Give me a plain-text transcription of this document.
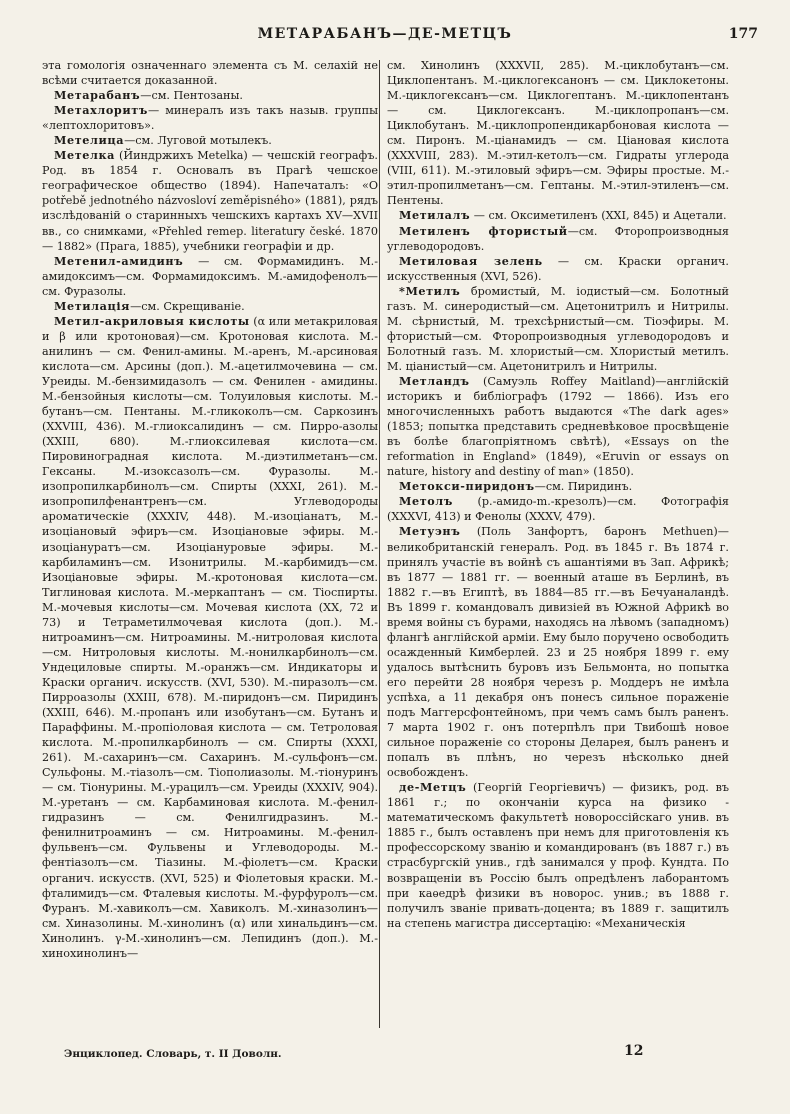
МЕТАРАБАНЪ—ДЕ-МЕТЦЪ	177

эта гомологія означеннаго элемента съ М. селахій не всѣми считается доказанной.

Метарабанъ—см. Пентозаны.

Метахлоритъ— минералъ изъ такъ назыв. группы «лептохлоритовъ».

Метелица—см. Луговой мотылекъ.

Метелка (Йиндржихъ Metelka) — чешскій географъ. Род. въ 1854 г. Основалъ въ Прагѣ чешское географическое общество (1894). Напечаталъ: «O potřebě jednotného názvosloví zeměpisného» (1881), рядъ изслѣдованій о старинныхъ чешскихъ картахъ XV—XVII вв., со снимками, «Přehled remep. literatury české. 1870 — 1882» (Прага, 1885), учебники географіи и др.

Метенил-амидинъ — см. Формамидинъ. М.-амидоксимъ—см. Формамидоксимъ. М.-амидофенолъ—см. Фуразолы.

Метилація—см. Скрещиваніе.

Метил-акриловыя кислоты (α или метакриловая и β или кротоновая)—см. Кротоновая кислота. М.-анилинъ — см. Фенил-амины. М.-аренъ, М.-арсиновая кислота—см. Арсины (доп.). М.-ацетилмочевина — см. Уреиды. М.-бензимидазолъ — см. Фенилен - амидины. М.-бензойныя кислоты—см. Толуиловыя кислоты. М.-бутанъ—см. Пентаны. М.-гликоколъ—см. Саркозинъ (XXVIII, 436). М.-глиоксалидинъ — см. Пирро-азолы (XXIII, 680). М.-глиоксилевая кислота—см. Пировиноградная кислота. М.-диэтилметанъ—см. Гексаны. М.-изоксазолъ—см. Фуразолы. М.-изопропилкарбинолъ—см. Спирты (XXXI, 261). М.-изопропилфенантренъ—см. Углеводороды ароматическіе (XXXIV, 448). М.-изоціанатъ, М.-изоціановый эфиръ—см. Изоціановые эфиры. М.-изоціануратъ—см. Изоціануровые эфиры. М.-карбиламинъ—см. Изонитрилы. М.-карбимидъ—см. Изоціановые эфиры. М.-кротоновая кислота—см. Тиглиновая кислота. М.-меркаптанъ — см. Тіоспирты. М.-мочевыя кислоты—см. Мочевая кислота (XX, 72 и 73) и Тетраметилмочевая кислота (доп.). М.-нитроаминъ—см. Нитроамины. М.-нитроловая кислота—см. Нитроловыя кислоты. М.-нонилкарбинолъ—см. Ундециловые спирты. М.-оранжъ—см. Индикаторы и Краски органич. искусств. (XVI, 530). М.-пиразолъ—см. Пирроазолы (XXIII, 678). М.-пиридонъ—см. Пиридинъ (XXIII, 646). М.-пропанъ или изобутанъ—см. Бутанъ и Параффины. М.-пропіоловая кислота — см. Тетроловая кислота. М.-пропилкарбинолъ — см. Спирты (XXXI, 261). М.-сахаринъ—см. Сахаринъ. М.-сульфонъ—см. Сульфоны. М.-тіазолъ—см. Тіополиазолы. М.-тіонуринъ — см. Тіонурины. М.-урацилъ—см. Уреиды (XXXIV, 904). М.-уретанъ — см. Карбаминовая кислота. М.-фенил-гидразинъ — см. Фенилгидразинъ. М.-фенилнитроаминъ — см. Нитроамины. М.-фенил-фульвенъ—см. Фульвены и Углеводороды. М.-фентіазолъ—см. Тіазины. М.-фіолетъ—см. Краски органич. искусств. (XVI, 525) и Фіолетовыя краски. М.-фталимидъ—см. Фталевыя кислоты. М.-фурфуролъ—см. Фуранъ. М.-хавиколъ—см. Хавиколъ. М.-хиназолинъ—см. Хиназолины. М.-хинолинъ (α) или хинальдинъ—см. Хинолинъ. γ-М.-хинолинъ—см. Лепидинъ (доп.). М.-хинохинолинъ—

см. Хинолинъ (XXXVII, 285). М.-циклобутанъ—см. Циклопентанъ. М.-циклогексанонъ — см. Циклокетоны. М.-циклогексанъ—см. Циклогептанъ. М.-циклопентанъ — см. Циклогексанъ. М.-циклопропанъ—см. Циклобутанъ. М.-циклопропендикарбоновая кислота — см. Пиронъ. М.-ціанамидъ — см. Ціановая кислота (XXXVIII, 283). М.-этил-кетолъ—см. Гидраты углерода (VIII, 611). М.-этиловый эфиръ—см. Эфиры простые. М.-этил-пропилметанъ—см. Гептаны. М.-этил-этиленъ—см. Пентены.

Метилалъ — см. Оксиметиленъ (XXI, 845) и Ацетали.

Метиленъ фтористый—см. Фторопроизводныя углеводородовъ.

Метиловая зелень — см. Краски органич. искусственныя (XVI, 526).

*Метилъ бромистый, М. іодистый—см. Болотный газъ. М. синеродистый—см. Ацетонитрилъ и Нитрилы. М. сѣрнистый, М. трехсѣрнистый—см. Тіоэфиры. М. фтористый—см. Фторопроизводныя углеводородовъ и Болотный газъ. М. хлористый—см. Хлористый метилъ. М. ціанистый—см. Ацетонитрилъ и Нитрилы.

Метландъ (Самуэль Roffey Maitland)—англійскій историкъ и библіографъ (1792 — 1866). Изъ его многочисленныхъ работъ выдаются «The dark ages» (1853; попытка представить средневѣковое просвѣщеніе въ болѣе благопріятномъ свѣтѣ), «Essays on the reformation in England» (1849), «Eruvin or essays on nature, history and destiny of man» (1850).

Метокси-пиридонъ—см. Пиридинъ.

Метолъ (p.-амидо-m.-крезолъ)—см. Фотографія (XXXVI, 413) и Фенолы (XXXV, 479).

Метуэнъ (Поль Занфортъ, баронъ Methuen)—великобританскій генералъ. Род. въ 1845 г. Въ 1874 г. принялъ участіе въ войнѣ съ ашантіями въ Зап. Африкѣ; въ 1877 — 1881 гг. — военный аташе въ Берлинѣ, въ 1882 г.—въ Египтѣ, въ 1884—85 гг.—въ Бечуаналандѣ. Въ 1899 г. командовалъ дивизіей въ Южной Африкѣ во время войны съ бурами, находясь на лѣвомъ (западномъ) флангѣ англійской арміи. Ему было поручено освободить осажденный Кимберлей. 23 и 25 ноября 1899 г. ему удалось вытѣснить буровъ изъ Бельмонта, но попытка его перейти 28 ноября черезъ р. Моддеръ не имѣла успѣха, а 11 декабря онъ понесъ сильное пораженіе подъ Маггерсфонтейномъ, при чемъ самъ былъ раненъ. 7 марта 1902 г. онъ потерпѣлъ при Твибошѣ новое сильное пораженіе со стороны Деларея, былъ раненъ и попалъ въ плѣнъ, но черезъ нѣсколько дней освобожденъ.

де-Метцъ (Георгій Георгіевичъ) — физикъ, род. въ 1861 г.; по окончаніи курса на физико - математическомъ факультетѣ новороссійскаго унив. въ 1885 г., былъ оставленъ при немъ для приготовленія къ профессорскому званію и командированъ (въ 1887 г.) въ страсбургскій унив., гдѣ занимался у проф. Кундта. По возвращеніи въ Россію былъ опредѣленъ лаборантомъ при каѳедрѣ физики въ новорос. унив.; въ 1888 г. получилъ званіе привать-доцента; въ 1889 г. защитилъ на степень магистра диссертацію: «Механическія

Энциклопед. Словарь, т. II Доволн.	12
